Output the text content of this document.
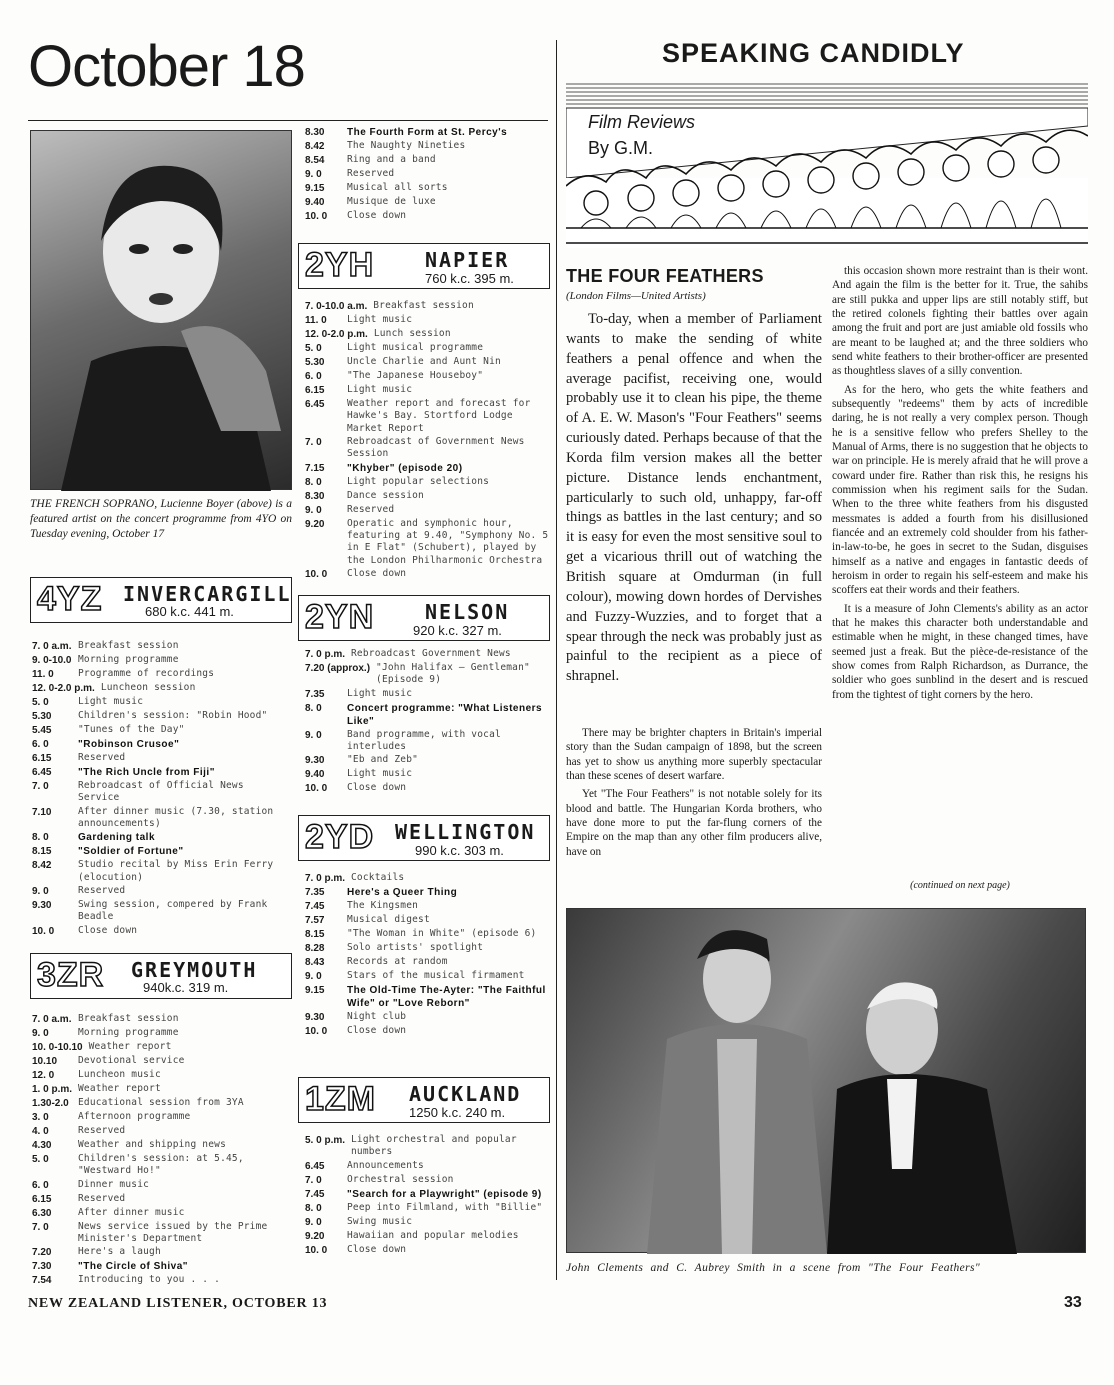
October 18
THE FRENCH SOPRANO, Lucienne Boyer (above) is a featured artist on the concert programme from 4YO on Tuesday evening, October 17
4YZ INVERCARGILL
680 k.c. 441 m.
7. 0 a.m. Breakfast session
9. 0-10.0 Morning programme
11. 0	Programme of recordings
12. 0-2.0 p.m. Luncheon session
5. 0	Light music
5.30	Children's session: "Robin Hood"
5.45	"Tunes of the Day"
6. 0	"Robinson Crusoe"
6.15	Reserved
6.45	"The Rich Uncle from Fiji"
7. 0	Rebroadcast of Official News Service
7.10	After dinner music (7.30, station announcements)
8. 0	Gardening talk
8.15	"Soldier of Fortune"
8.42	Studio recital by Miss Erin Ferry (elocution)
9. 0	Reserved
9.30	Swing session, compered by Frank Beadle
10. 0	Close down
3ZR GREYMOUTH
940k.c. 319 m.
7. 0 a.m. Breakfast session
9. 0	Morning programme
10. 0-10.10 Weather report
10.10	Devotional service
12. 0	Luncheon music
1. 0 p.m. Weather report
1.30-2.0 Educational session from 3YA
3. 0	Afternoon programme
4. 0	Reserved
4.30	Weather and shipping news
5. 0	Children's session: at 5.45, "Westward Ho!"
6. 0	Dinner music
6.15	Reserved
6.30	After dinner music
7. 0	News service issued by the Prime Minister's Department
7.20	Here's a laugh
7.30	"The Circle of Shiva"
7.54	Introducing to you . . .
8.30	The Fourth Form at St. Percy's
8.42	The Naughty Nineties
8.54	Ring and a band
9. 0	Reserved
9.15	Musical all sorts
9.40	Musique de luxe
10. 0	Close down
2YH	NAPIER
760 k.c. 395 m.
7. 0-10.0 a.m. Breakfast session
11. 0	Light music
12. 0-2.0 p.m. Lunch session
5. 0	Light musical programme
5.30	Uncle Charlie and Aunt Nin
6. 0	"The Japanese Houseboy"
6.15	Light music
6.45	Weather report and forecast for Hawke's Bay. Stortford Lodge Market Report
7. 0	Rebroadcast of Government News Session
7.15	"Khyber" (episode 20)
8. 0	Light popular selections
8.30	Dance session
9. 0	Reserved
9.20	Operatic and symphonic hour, featuring at 9.40, "Symphony No. 5 in E Flat" (Schubert), played by the London Philharmonic Orchestra
10. 0	Close down
2YN	NELSON
920 k.c. 327 m.
7. 0 p.m. Rebroadcast Government News
7.20 (approx.) "John Halifax — Gentleman" (Episode 9)
7.35	Light music
8. 0	Concert programme: "What Listeners Like"
9. 0	Band programme, with vocal interludes
9.30	"Eb and Zeb"
9.40	Light music
10. 0	Close down
2YD WELLINGTON
990 k.c. 303 m.
7. 0 p.m. Cocktails
7.35	Here's a Queer Thing
7.45	The Kingsmen
7.57	Musical digest
8.15	"The Woman in White" (episode 6)
8.28	Solo artists' spotlight
8.43	Records at random
9. 0	Stars of the musical firmament
9.15	The Old-Time The-Ayter: "The Faithful Wife" or "Love Reborn"
9.30	Night club
10. 0	Close down
1ZM AUCKLAND
1250 k.c. 240 m.
5. 0 p.m. Light orchestral and popular numbers
6.45	Announcements
7. 0	Orchestral session
7.45	"Search for a Playwright" (episode 9)
8. 0	Peep into Filmland, with "Billie"
9. 0	Swing music
9.20	Hawaiian and popular melodies
10. 0	Close down
SPEAKING CANDIDLY
Film Reviews
By G.M.
THE FOUR FEATHERS
(London Films—United Artists)

To-day, when a member of Parliament wants to make the sending of white feathers a penal offence and when the average pacifist, receiving one, would probably use it to clean his pipe, the theme of A. E. W. Mason's "Four Feathers" seems curiously dated. Perhaps because of that the Korda film version makes all the better picture. Distance lends enchantment, particularly to such old, unhappy, far-off things as battles in the last century; and so it is easy for even the most sensitive soul to get a vicarious thrill out of watching the British square at Omdurman (in full colour), mowing down hordes of Dervishes and Fuzzy-Wuzzies, and to forget that a spear through the neck was probably just as painful to the recipient as a piece of shrapnel.

There may be brighter chapters in Britain's imperial story than the Sudan campaign of 1898, but the screen has yet to show us anything more superbly spectacular than these scenes of desert warfare.

Yet "The Four Feathers" is not notable solely for its blood and battle. The Hungarian Korda brothers, who have done more to put the far-flung corners of the Empire on the map than any other film producers alive, have on

this occasion shown more restraint than is their wont. And again the film is the better for it. True, the sahibs are still pukka and upper lips are still notably stiff, but the retired colonels fighting their battles over again among the fruit and port are just amiable old fossils who are meant to be laughed at; and the three soldiers who send white feathers to their brother-officer are presented as thoughtless slaves of a silly convention.

As for the hero, who gets the white feathers and subsequently "redeems" them by acts of incredible daring, he is not really a very complex person. Though he is a sensitive fellow who prefers Shelley to the Manual of Arms, there is no suggestion that he objects to war on principle. He is merely afraid that he will prove a coward under fire. Rather than risk this, he resigns his commission when his regiment sails for the Sudan. When to the three white feathers from his disgusted messmates is added a fourth from his disillusioned fiancée and an extremely cold shoulder from his father-in-law-to-be, he goes in secret to the Sudan, disguises himself as a native and engages in fantastic deeds of heroism in order to regain his self-esteem and make his scoffers eat their words and their feathers.

It is a measure of John Clements's ability as an actor that he makes this character both understandable and estimable when he might, in these changed times, have seemed just a freak. But the pièce-de-resistance of the show comes from Ralph Richardson, as Durrance, the soldier who goes sunblind in the desert and is rescued from the tightest of tight corners by the hero.

(continued on next page)
John Clements and C. Aubrey Smith in a scene from "The Four Feathers"
NEW ZEALAND LISTENER, OCTOBER 13	33
